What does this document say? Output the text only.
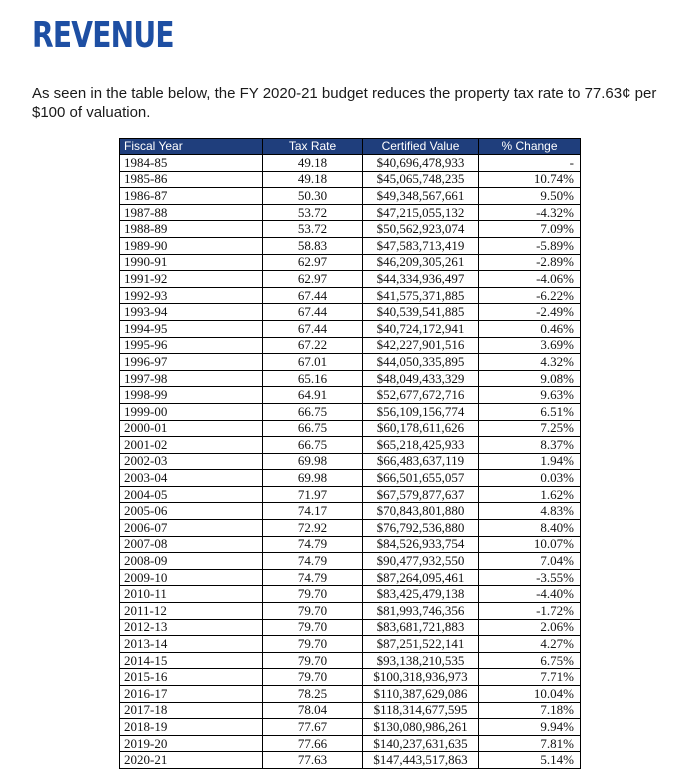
REVENUE

As seen in the table below, the FY 2020-21 budget reduces the property tax rate to 77.63¢ per $100 of valuation.

Fiscal Year	Tax Rate	Certified Value	% Change
1984-85	49.18	$40,696,478,933	-
1985-86	49.18	$45,065,748,235	10.74%
1986-87	50.30	$49,348,567,661	9.50%
1987-88	53.72	$47,215,055,132	-4.32%
1988-89	53.72	$50,562,923,074	7.09%
1989-90	58.83	$47,583,713,419	-5.89%
1990-91	62.97	$46,209,305,261	-2.89%
1991-92	62.97	$44,334,936,497	-4.06%
1992-93	67.44	$41,575,371,885	-6.22%
1993-94	67.44	$40,539,541,885	-2.49%
1994-95	67.44	$40,724,172,941	0.46%
1995-96	67.22	$42,227,901,516	3.69%
1996-97	67.01	$44,050,335,895	4.32%
1997-98	65.16	$48,049,433,329	9.08%
1998-99	64.91	$52,677,672,716	9.63%
1999-00	66.75	$56,109,156,774	6.51%
2000-01	66.75	$60,178,611,626	7.25%
2001-02	66.75	$65,218,425,933	8.37%
2002-03	69.98	$66,483,637,119	1.94%
2003-04	69.98	$66,501,655,057	0.03%
2004-05	71.97	$67,579,877,637	1.62%
2005-06	74.17	$70,843,801,880	4.83%
2006-07	72.92	$76,792,536,880	8.40%
2007-08	74.79	$84,526,933,754	10.07%
2008-09	74.79	$90,477,932,550	7.04%
2009-10	74.79	$87,264,095,461	-3.55%
2010-11	79.70	$83,425,479,138	-4.40%
2011-12	79.70	$81,993,746,356	-1.72%
2012-13	79.70	$83,681,721,883	2.06%
2013-14	79.70	$87,251,522,141	4.27%
2014-15	79.70	$93,138,210,535	6.75%
2015-16	79.70	$100,318,936,973	7.71%
2016-17	78.25	$110,387,629,086	10.04%
2017-18	78.04	$118,314,677,595	7.18%
2018-19	77.67	$130,080,986,261	9.94%
2019-20	77.66	$140,237,631,635	7.81%
2020-21	77.63	$147,443,517,863	5.14%
